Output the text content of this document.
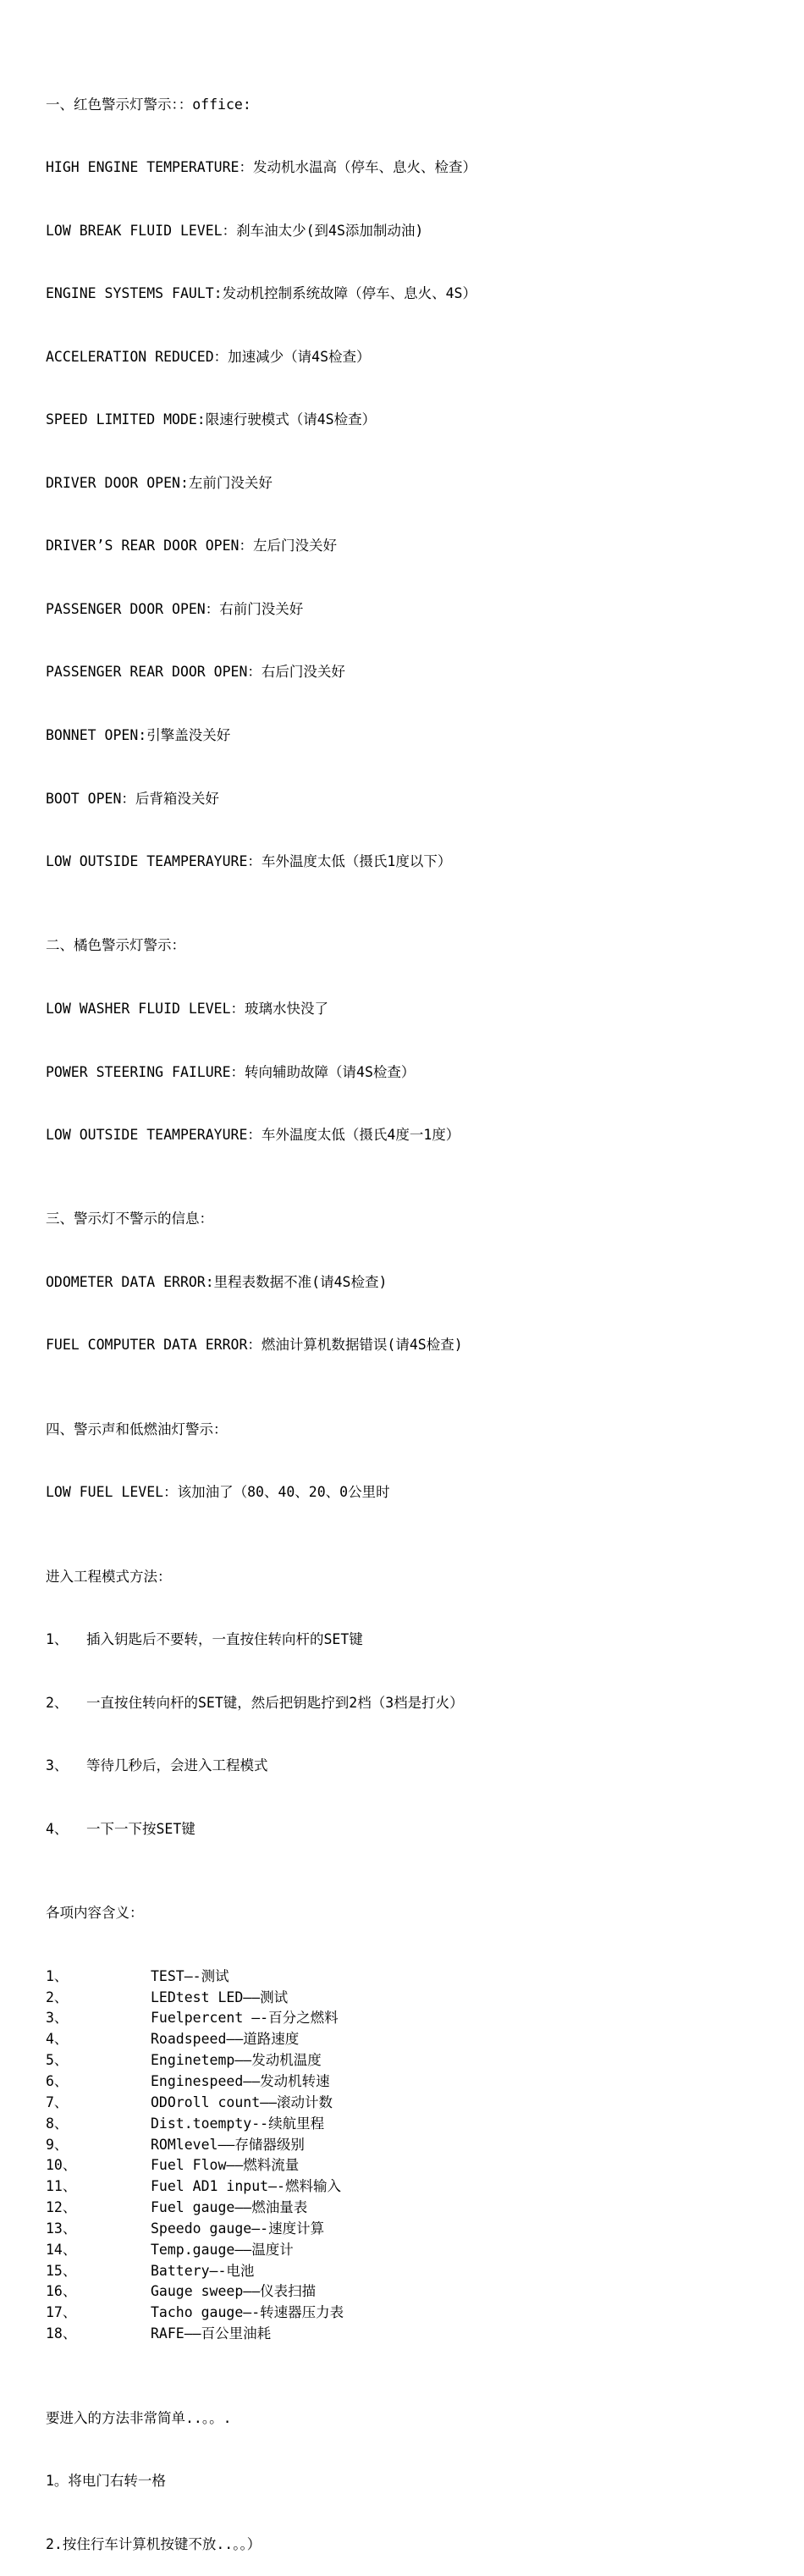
一、红色警示灯警示：：office:

HIGH ENGINE TEMPERATURE：发动机水温高（停车、息火、检查）

LOW BREAK FLUID LEVEL：刹车油太少(到4S添加制动油)

ENGINE SYSTEMS FAULT:发动机控制系统故障（停车、息火、4S）

ACCELERATION REDUCED：加速减少（请4S检查）

SPEED LIMITED MODE:限速行驶模式（请4S检查）

DRIVER DOOR OPEN:左前门没关好

DRIVER’S REAR DOOR OPEN：左后门没关好

PASSENGER DOOR OPEN：右前门没关好

PASSENGER REAR DOOR OPEN：右后门没关好

BONNET OPEN:引擎盖没关好

BOOT OPEN：后背箱没关好

LOW OUTSIDE TEAMPERAYURE：车外温度太低（摄氏1度以下）

二、橘色警示灯警示：

LOW WASHER FLUID LEVEL：玻璃水快没了

POWER STEERING FAILURE：转向辅助故障（请4S检查）

LOW OUTSIDE TEAMPERAYURE：车外温度太低（摄氏4度一1度）

三、警示灯不警示的信息：

ODOMETER DATA ERROR:里程表数据不准(请4S检查)

FUEL COMPUTER DATA ERROR：燃油计算机数据错误(请4S检查)

四、警示声和低燃油灯警示：

LOW FUEL LEVEL：该加油了（80、40、20、0公里时

进入工程模式方法：

1、	插入钥匙后不要转，一直按住转向杆的SET键

2、	一直按住转向杆的SET键，然后把钥匙拧到2档（3档是打火）

3、	等待几秒后，会进入工程模式

4、	一下一下按SET键

各项内容含义：

1、	TEST—-测试
2、	LEDtest LED——测试
3、	Fuelpercent —-百分之燃料
4、	Roadspeed——道路速度
5、	Enginetemp——发动机温度
6、	Enginespeed——发动机转速
7、	ODOroll count——滚动计数
8、	Dist.toempty--续航里程
9、	ROMlevel——存储器级别
10、	Fuel Flow——燃料流量
11、	Fuel AD1 input—-燃料输入
12、	Fuel gauge——燃油量表
13、	Speedo gauge—-速度计算
14、	Temp.gauge——温度计
15、	Battery—-电池
16、	Gauge sweep——仪表扫描
17、	Tacho gauge—-转速器压力表
18、	RAFE——百公里油耗

要进入的方法非常简单..。。.

1。将电门右转一格

2.按住行车计算机按键不放..。。）
